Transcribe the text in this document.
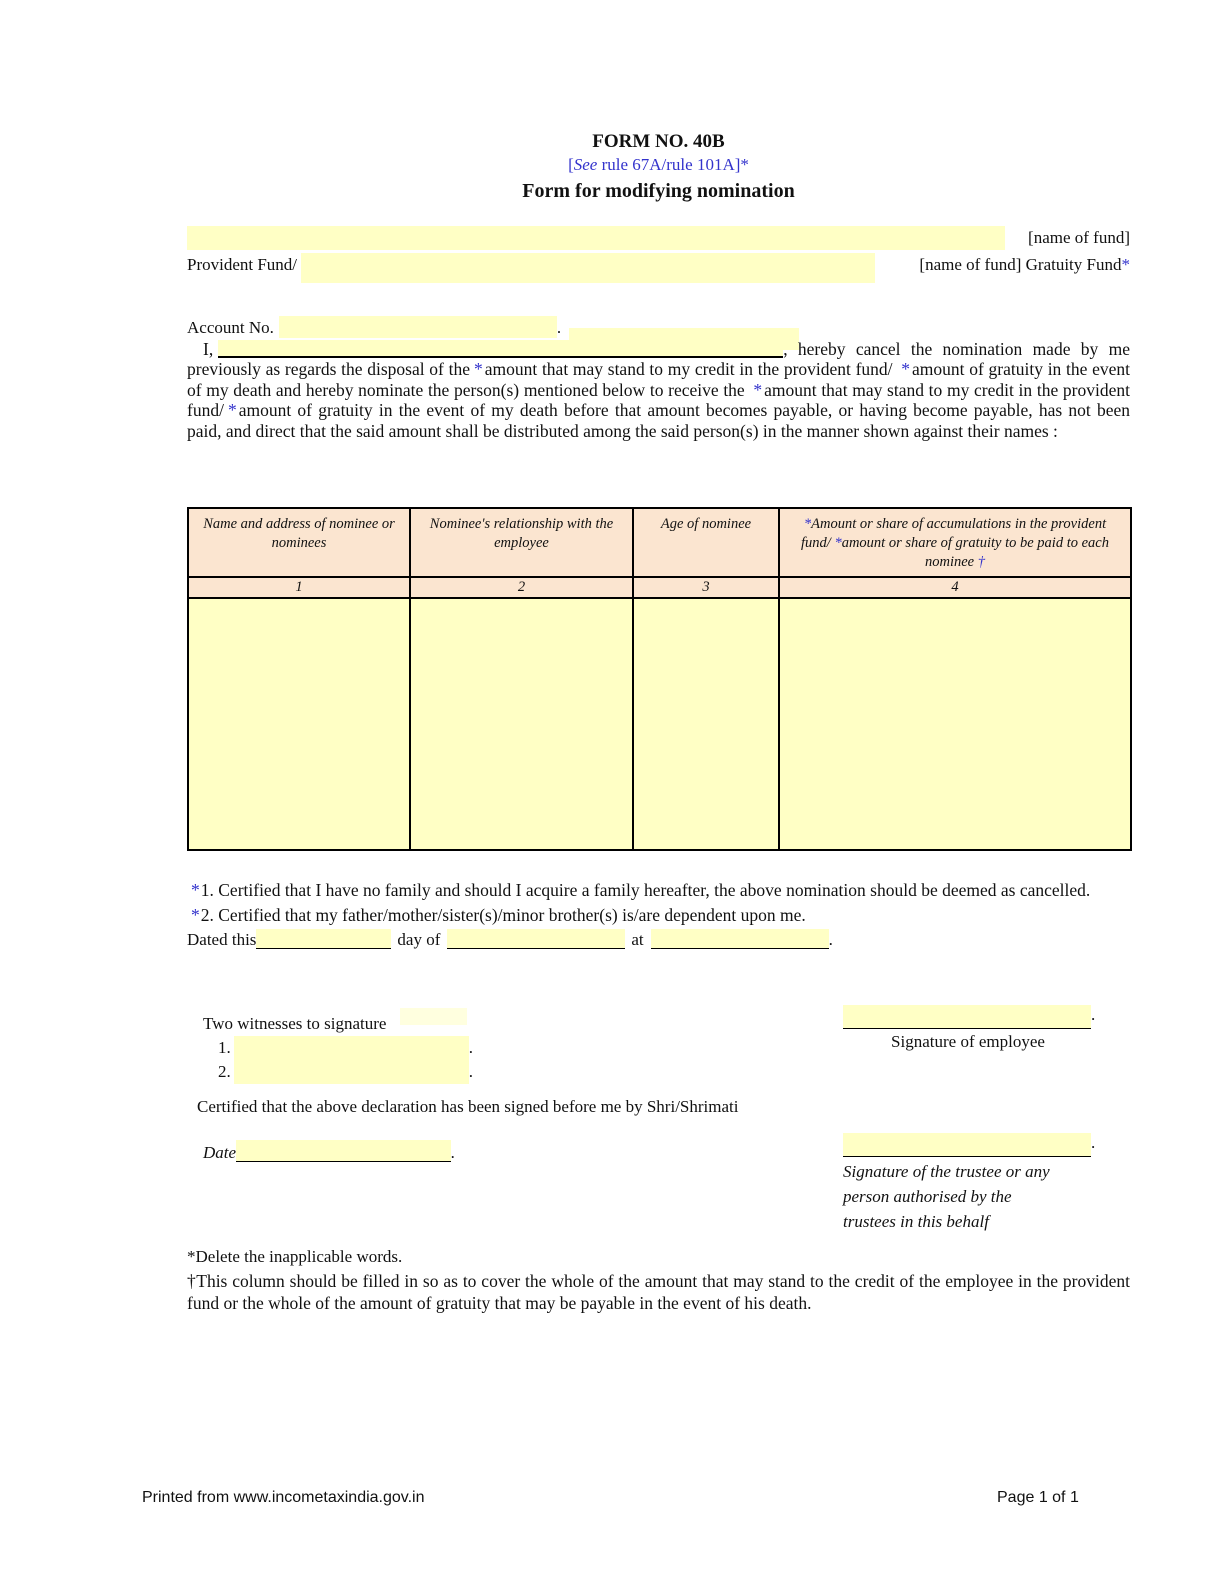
FORM NO. 40B
[See rule 67A/rule 101A]*
Form for modifying nomination
[name of fund]
Provident Fund/	[name of fund] Gratuity Fund*
Account No.	.
I,	, hereby cancel the nomination made by me previously as regards the disposal of the * amount that may stand to my credit in the provident fund/ * amount of gratuity in the event of my death and hereby nominate the person(s) mentioned below to receive the * amount that may stand to my credit in the provident fund/ * amount of gratuity in the event of my death before that amount becomes payable, or having become payable, has not been paid, and direct that the said amount shall be distributed among the said person(s) in the manner shown against their names :
Name and address of nominee or nominees	Nominee's relationship with the employee	Age of nominee	*Amount or share of accumulations in the provident fund/ *amount or share of gratuity to be paid to each nominee †
1	2	3	4

*1. Certified that I have no family and should I acquire a family hereafter, the above nomination should be deemed as cancelled.
*2. Certified that my father/mother/sister(s)/minor brother(s) is/are dependent upon me.
Dated this	day of	at	.
Two witnesses to signature
1.	.
2.	.
.
Signature of employee
Certified that the above declaration has been signed before me by Shri/Shrimati
Date	.
.
Signature of the trustee or any
person authorised by the
trustees in this behalf
*Delete the inapplicable words.
†This column should be filled in so as to cover the whole of the amount that may stand to the credit of the employee in the provident fund or the whole of the amount of gratuity that may be payable in the event of his death.
Printed from www.incometaxindia.gov.in	Page 1 of 1
